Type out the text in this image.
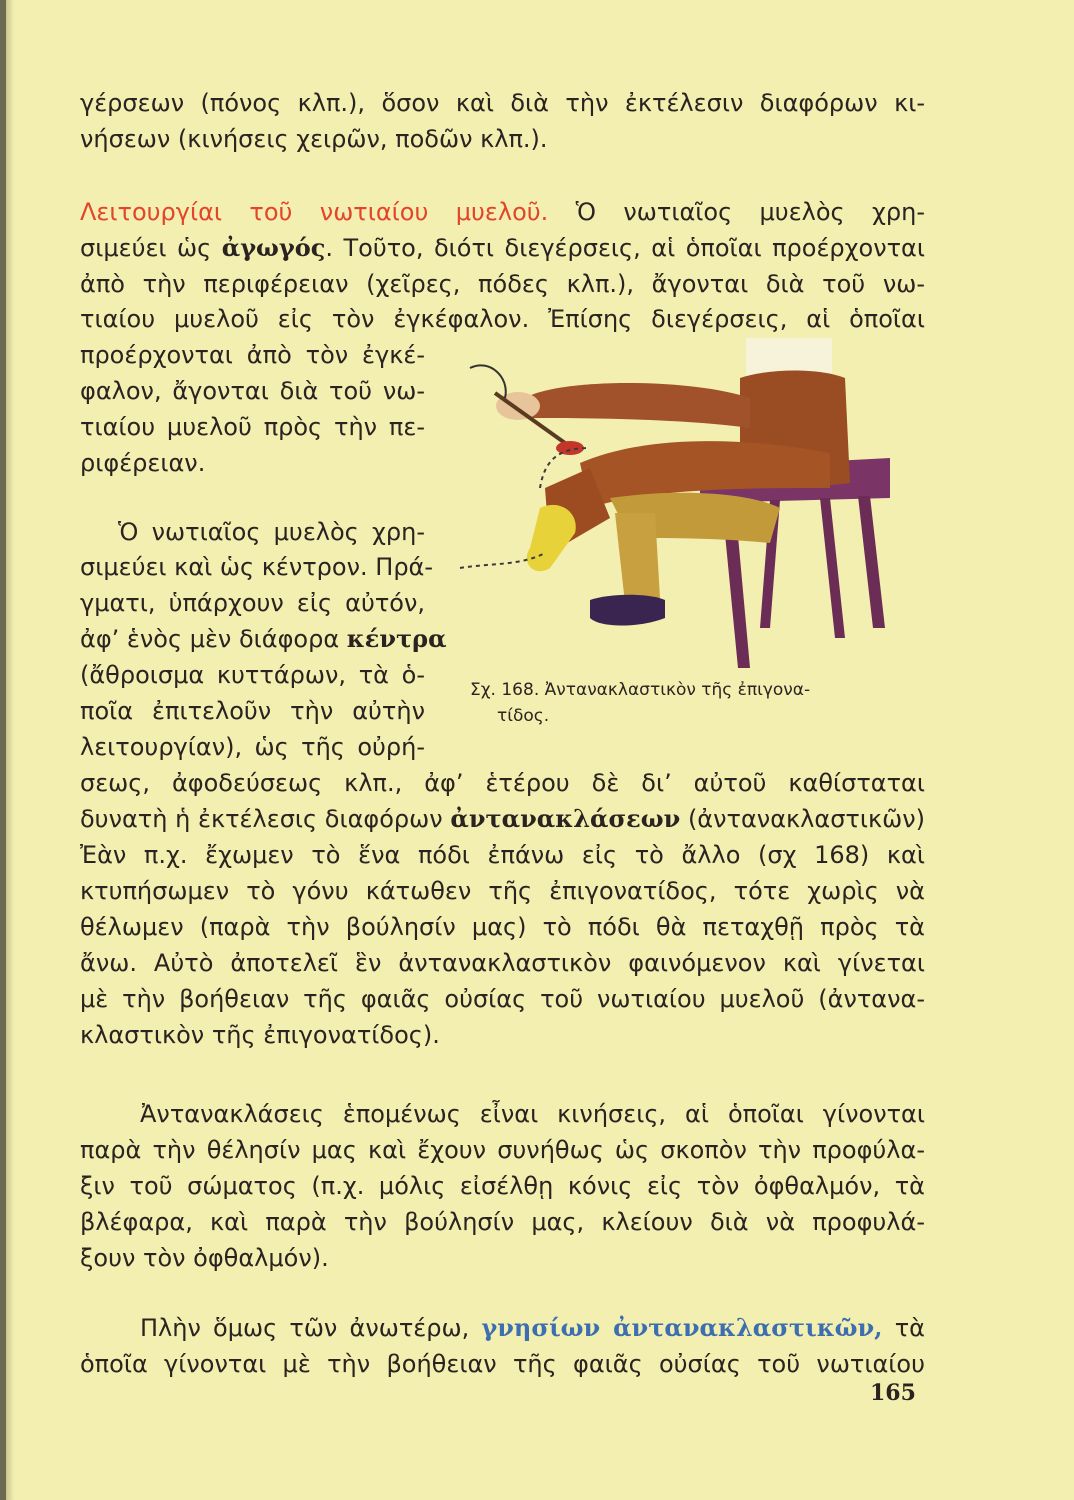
γέρσεων (πόνος κλπ.), ὅσον καὶ διὰ τὴν ἐκτέλεσιν διαφόρων κι-
νήσεων (κινήσεις χειρῶν, ποδῶν κλπ.).
Λειτουργίαι τοῦ νωτιαίου μυελοῦ. Ὁ νωτιαῖος μυελὸς χρη-
σιμεύει ὡς ἀγωγός. Τοῦτο, διότι διεγέρσεις, αἱ ὁποῖαι προέρχονται
ἀπὸ τὴν περιφέρειαν (χεῖρες, πόδες κλπ.), ἄγονται διὰ τοῦ νω-
τιαίου μυελοῦ εἰς τὸν ἐγκέφαλον. Ἐπίσης διεγέρσεις, αἱ ὁποῖαι
προέρχονται ἀπὸ τὸν ἐγκέ-
φαλον, ἄγονται διὰ τοῦ νω-
τιαίου μυελοῦ πρὸς τὴν πε-
ριφέρειαν.
Ὁ νωτιαῖος μυελὸς χρη-
σιμεύει καὶ ὡς κέντρον. Πρά-
γματι, ὑπάρχουν εἰς αὐτόν,
ἀφ’ ἑνὸς μὲν διάφορα κέντρα
(ἄθροισμα κυττάρων, τὰ ὁ-
ποῖα ἐπιτελοῦν τὴν αὐτὴν
λειτουργίαν), ὡς τῆς οὐρή-
σεως, ἀφοδεύσεως κλπ., ἀφ’ ἑτέρου δὲ δι’ αὐτοῦ καθίσταται
δυνατὴ ἡ ἐκτέλεσις διαφόρων ἀντανακλάσεων (ἀντανακλαστικῶν)
Ἐὰν π.χ. ἔχωμεν τὸ ἕνα πόδι ἐπάνω εἰς τὸ ἄλλο (σχ 168) καὶ
κτυπήσωμεν τὸ γόνυ κάτωθεν τῆς ἐπιγονατίδος, τότε χωρὶς νὰ
θέλωμεν (παρὰ τὴν βούλησίν μας) τὸ πόδι θὰ πεταχθῇ πρὸς τὰ
ἄνω. Αὐτὸ ἀποτελεῖ ἓν ἀντανακλαστικὸν φαινόμενον καὶ γίνεται
μὲ τὴν βοήθειαν τῆς φαιᾶς οὐσίας τοῦ νωτιαίου μυελοῦ (ἀντανα-
κλαστικὸν τῆς ἐπιγονατίδος).
Σχ. 168. Ἀντανακλαστικὸν τῆς ἐπιγονα-
τίδος.
Ἀντανακλάσεις ἑπομένως εἶναι κινήσεις, αἱ ὁποῖαι γίνονται
παρὰ τὴν θέλησίν μας καὶ ἔχουν συνήθως ὡς σκοπὸν τὴν προφύλα-
ξιν τοῦ σώματος (π.χ. μόλις εἰσέλθῃ κόνις εἰς τὸν ὀφθαλμόν, τὰ
βλέφαρα, καὶ παρὰ τὴν βούλησίν μας, κλείουν διὰ νὰ προφυλά-
ξουν τὸν ὀφθαλμόν).
Πλὴν ὅμως τῶν ἀνωτέρω, γνησίων ἀντανακλαστικῶν, τὰ
ὁποῖα γίνονται μὲ τὴν βοήθειαν τῆς φαιᾶς οὐσίας τοῦ νωτιαίου
165
